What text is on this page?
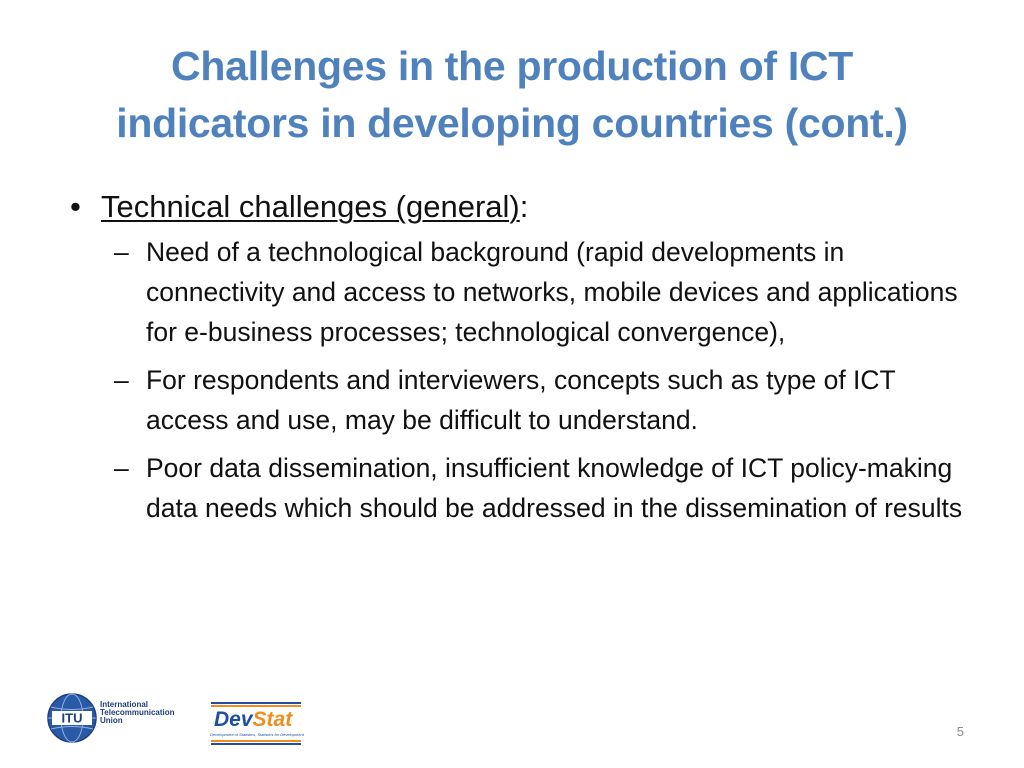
Challenges in the production of ICT
indicators in developing countries (cont.)
• Technical challenges (general):
– Need of a technological background (rapid developments in connectivity and access to networks, mobile devices and applications for e-business processes; technological convergence),
– For respondents and interviewers, concepts such as type of ICT access and use, may be difficult to understand.
– Poor data dissemination, insufficient knowledge of ICT policy-making data needs which should be addressed in the dissemination of results
ITU
International
Telecommunication
Union	DevStat
Development of Statistics, Statistics for Development	5
